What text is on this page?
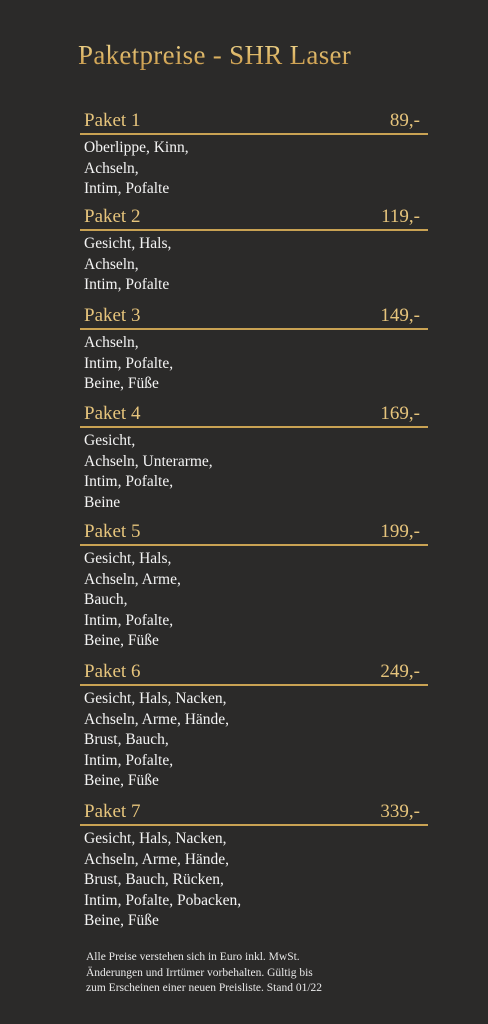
Paketpreise - SHR Laser
Paket 1	89,-
Oberlippe, Kinn,
Achseln,
Intim, Pofalte
Paket 2	119,-
Gesicht, Hals,
Achseln,
Intim, Pofalte
Paket 3	149,-
Achseln,
Intim, Pofalte,
Beine, Füße
Paket 4	169,-
Gesicht,
Achseln, Unterarme,
Intim, Pofalte,
Beine
Paket 5	199,-
Gesicht, Hals,
Achseln, Arme,
Bauch,
Intim, Pofalte,
Beine, Füße
Paket 6	249,-
Gesicht, Hals, Nacken,
Achseln, Arme, Hände,
Brust, Bauch,
Intim, Pofalte,
Beine, Füße
Paket 7	339,-
Gesicht, Hals, Nacken,
Achseln, Arme, Hände,
Brust, Bauch, Rücken,
Intim, Pofalte, Pobacken,
Beine, Füße
Alle Preise verstehen sich in Euro inkl. MwSt.
Änderungen und Irrtümer vorbehalten. Gültig bis
zum Erscheinen einer neuen Preisliste. Stand 01/22
